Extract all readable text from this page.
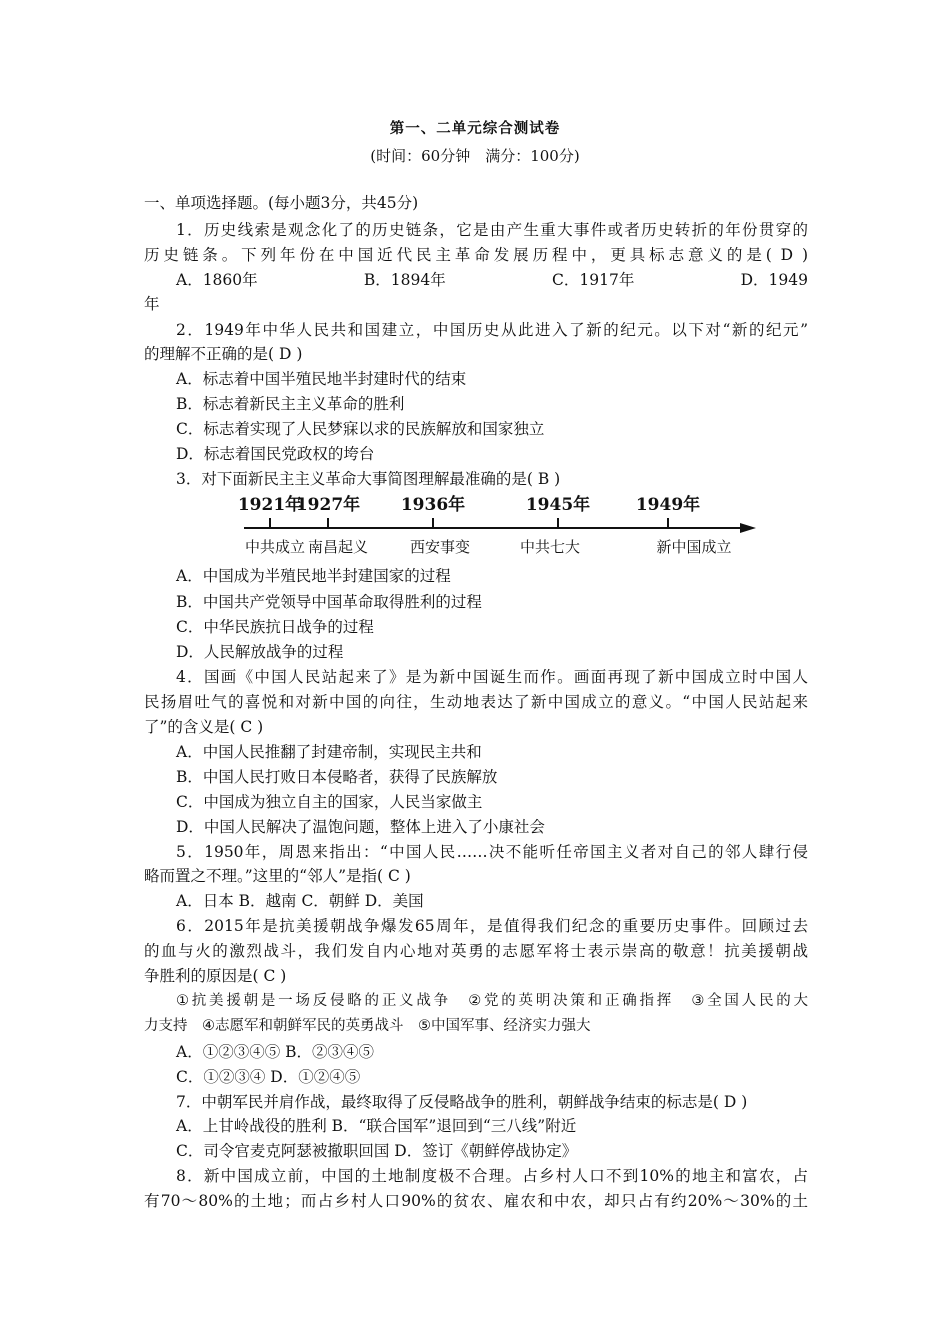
第一、二单元综合测试卷
(时间：60分钟　满分：100分)
一、单项选择题。(每小题3分，共45分)
1．历史线索是观念化了的历史链条，它是由产生重大事件或者历史转折的年份贯穿的
历史链条。下列年份在中国近代民主革命发展历程中，更具标志意义的是( D )
A．1860年	B．1894年	C．1917年	D．1949
年
2．1949年中华人民共和国建立，中国历史从此进入了新的纪元。以下对“新的纪元”
的理解不正确的是( D )
A．标志着中国半殖民地半封建时代的结束
B．标志着新民主主义革命的胜利
C．标志着实现了人民梦寐以求的民族解放和国家独立
D．标志着国民党政权的垮台
3．对下面新民主主义革命大事简图理解最准确的是( B )
1921年
1927年 1936年	1945年	1949年
中共成立 南昌起义	西安事变	中共七大	新中国成立
A．中国成为半殖民地半封建国家的过程
B．中国共产党领导中国革命取得胜利的过程
C．中华民族抗日战争的过程
D．人民解放战争的过程
4．国画《中国人民站起来了》是为新中国诞生而作。画面再现了新中国成立时中国人
民扬眉吐气的喜悦和对新中国的向往，生动地表达了新中国成立的意义。“中国人民站起来
了”的含义是( C )
A．中国人民推翻了封建帝制，实现民主共和
B．中国人民打败日本侵略者，获得了民族解放
C．中国成为独立自主的国家，人民当家做主
D．中国人民解决了温饱问题，整体上进入了小康社会
5．1950年，周恩来指出：“中国人民……决不能听任帝国主义者对自己的邻人肆行侵
略而置之不理。”这里的“邻人”是指( C )
A．日本 B．越南 C．朝鲜 D．美国
6．2015年是抗美援朝战争爆发65周年，是值得我们纪念的重要历史事件。回顾过去
的血与火的激烈战斗，我们发自内心地对英勇的志愿军将士表示崇高的敬意！抗美援朝战
争胜利的原因是( C )
①抗美援朝是一场反侵略的正义战争　②党的英明决策和正确指挥　③全国人民的大
力支持　④志愿军和朝鲜军民的英勇战斗　⑤中国军事、经济实力强大
A．①②③④⑤ B．②③④⑤
C．①②③④ D．①②④⑤
7．中朝军民并肩作战，最终取得了反侵略战争的胜利，朝鲜战争结束的标志是( D )
A．上甘岭战役的胜利 B．“联合国军”退回到“三八线”附近
C．司令官麦克阿瑟被撤职回国 D．签订《朝鲜停战协定》
8．新中国成立前，中国的土地制度极不合理。占乡村人口不到10%的地主和富农，占
有70～80%的土地；而占乡村人口90%的贫农、雇农和中农，却只占有约20%～30%的土
